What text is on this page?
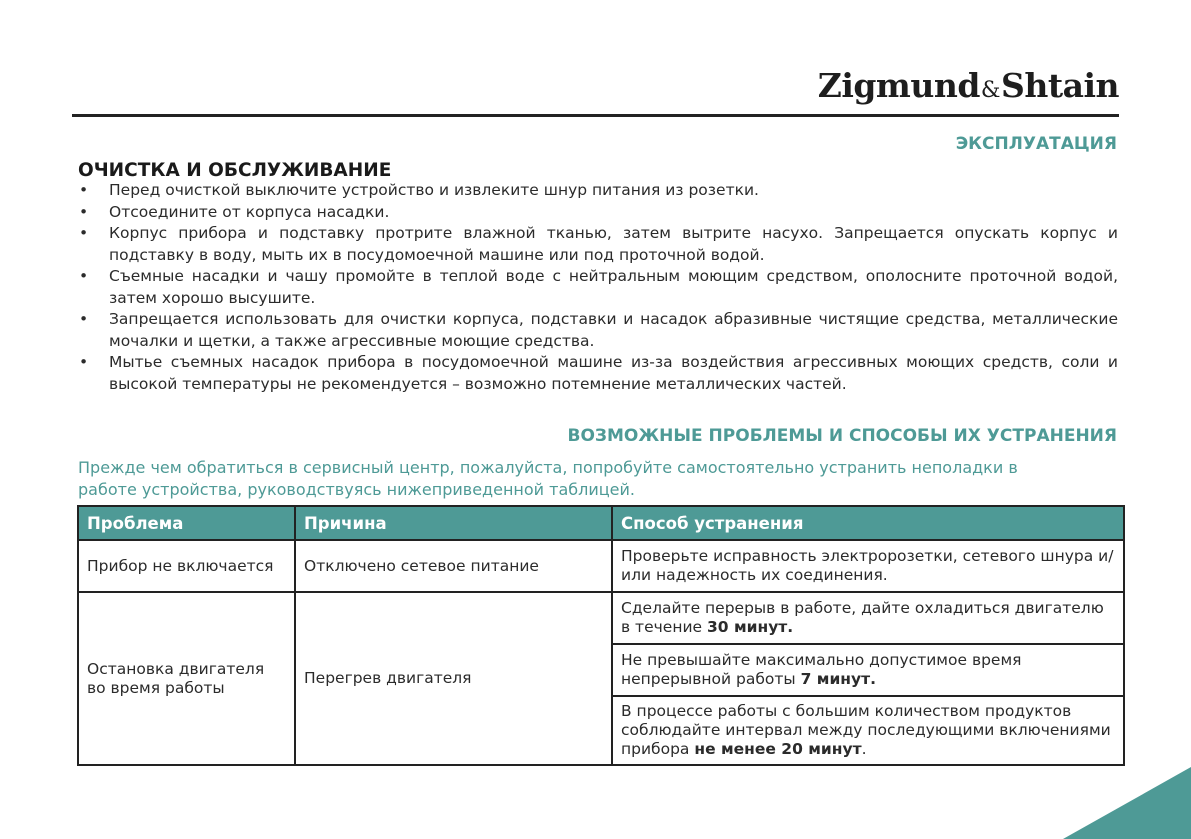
Zigmund&Shtain
ЭКСПЛУАТАЦИЯ
ОЧИСТКА И ОБСЛУЖИВАНИЕ
• Перед очисткой выключите устройство и извлеките шнур питания из розетки.
• Отсоедините от корпуса насадки.
• Корпус прибора и подставку протрите влажной тканью, затем вытрите насухо. Запрещается опускать корпус и подставку в воду, мыть их в посудомоечной машине или под проточной водой.
• Съемные насадки и чашу промойте в теплой воде с нейтральным моющим средством, ополосните проточной водой, затем хорошо высушите.
• Запрещается использовать для очистки корпуса, подставки и насадок абразивные чистящие средства, металлические мочалки и щетки, а также агрессивные моющие средства.
• Мытье съемных насадок прибора в посудомоечной машине из-за воздействия агрессивных моющих средств, соли и высокой температуры не рекомендуется – возможно потемнение металлических частей.
ВОЗМОЖНЫЕ ПРОБЛЕМЫ И СПОСОБЫ ИХ УСТРАНЕНИЯ
Прежде чем обратиться в сервисный центр, пожалуйста, попробуйте самостоятельно устранить неполадки в работе устройства, руководствуясь нижеприведенной таблицей.
Проблема	Причина	Способ устранения
Прибор не включается	Отключено сетевое питание	Проверьте исправность электророзетки, сетевого шнура и/или надежность их соединения.
Остановка двигателя во время работы	Перегрев двигателя	Сделайте перерыв в работе, дайте охладиться двигателю в течение 30 минут.
		Не превышайте максимально допустимое время непрерывной работы 7 минут.
		В процессе работы с большим количеством продуктов соблюдайте интервал между последующими включениями прибора не менее 20 минут.
